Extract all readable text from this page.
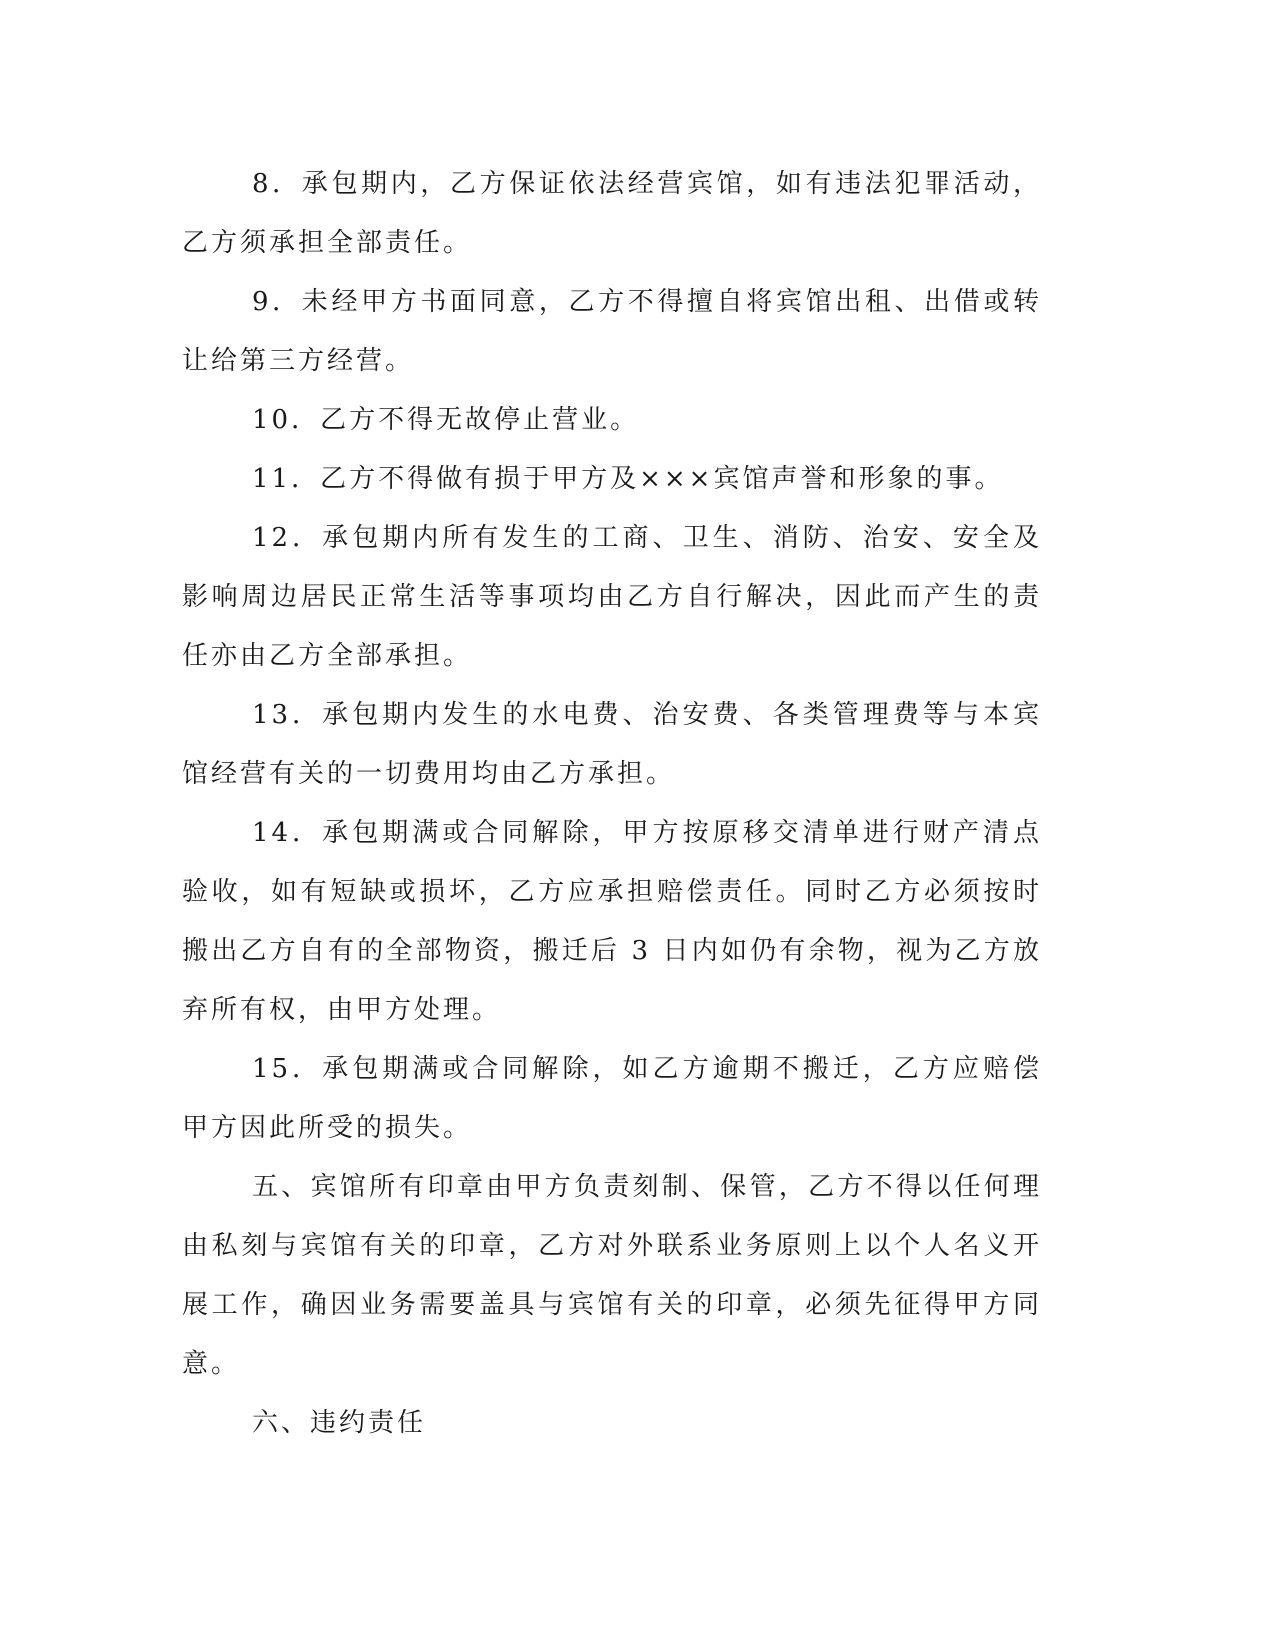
8．承包期内，乙方保证依法经营宾馆，如有违法犯罪活动，乙方须承担全部责任。

9．未经甲方书面同意，乙方不得擅自将宾馆出租、出借或转让给第三方经营。

10．乙方不得无故停止营业。

11．乙方不得做有损于甲方及×××宾馆声誉和形象的事。

12．承包期内所有发生的工商、卫生、消防、治安、安全及影响周边居民正常生活等事项均由乙方自行解决，因此而产生的责任亦由乙方全部承担。

13．承包期内发生的水电费、治安费、各类管理费等与本宾馆经营有关的一切费用均由乙方承担。

14．承包期满或合同解除，甲方按原移交清单进行财产清点验收，如有短缺或损坏，乙方应承担赔偿责任。同时乙方必须按时搬出乙方自有的全部物资，搬迁后 3 日内如仍有余物，视为乙方放弃所有权，由甲方处理。

15．承包期满或合同解除，如乙方逾期不搬迁，乙方应赔偿甲方因此所受的损失。

五、宾馆所有印章由甲方负责刻制、保管，乙方不得以任何理由私刻与宾馆有关的印章，乙方对外联系业务原则上以个人名义开展工作，确因业务需要盖具与宾馆有关的印章，必须先征得甲方同意。

六、违约责任
